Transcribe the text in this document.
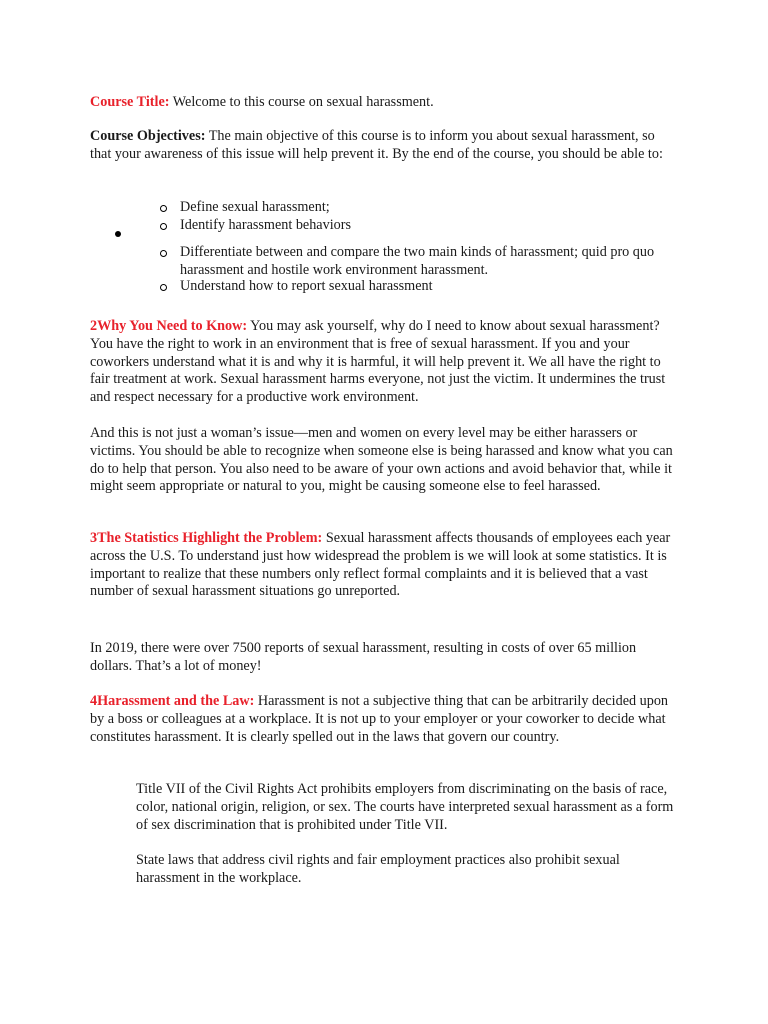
Course Title: Welcome to this course on sexual harassment.

Course Objectives: The main objective of this course is to inform you about sexual harassment, so that your awareness of this issue will help prevent it. By the end of the course, you should be able to:

Define sexual harassment;
Identify harassment behaviors
Differentiate between and compare the two main kinds of harassment; quid pro quo harassment and hostile work environment harassment.
Understand how to report sexual harassment

2Why You Need to Know: You may ask yourself, why do I need to know about sexual harassment? You have the right to work in an environment that is free of sexual harassment. If you and your coworkers understand what it is and why it is harmful, it will help prevent it. We all have the right to fair treatment at work. Sexual harassment harms everyone, not just the victim. It undermines the trust and respect necessary for a productive work environment.

And this is not just a woman’s issue—men and women on every level may be either harassers or victims. You should be able to recognize when someone else is being harassed and know what you can do to help that person. You also need to be aware of your own actions and avoid behavior that, while it might seem appropriate or natural to you, might be causing someone else to feel harassed.

3The Statistics Highlight the Problem: Sexual harassment affects thousands of employees each year across the U.S. To understand just how widespread the problem is we will look at some statistics. It is important to realize that these numbers only reflect formal complaints and it is believed that a vast number of sexual harassment situations go unreported.

In 2019, there were over 7500 reports of sexual harassment, resulting in costs of over 65 million dollars. That’s a lot of money!

4Harassment and the Law: Harassment is not a subjective thing that can be arbitrarily decided upon by a boss or colleagues at a workplace. It is not up to your employer or your coworker to decide what constitutes harassment. It is clearly spelled out in the laws that govern our country.

Title VII of the Civil Rights Act prohibits employers from discriminating on the basis of race, color, national origin, religion, or sex. The courts have interpreted sexual harassment as a form of sex discrimination that is prohibited under Title VII.

State laws that address civil rights and fair employment practices also prohibit sexual harassment in the workplace.
